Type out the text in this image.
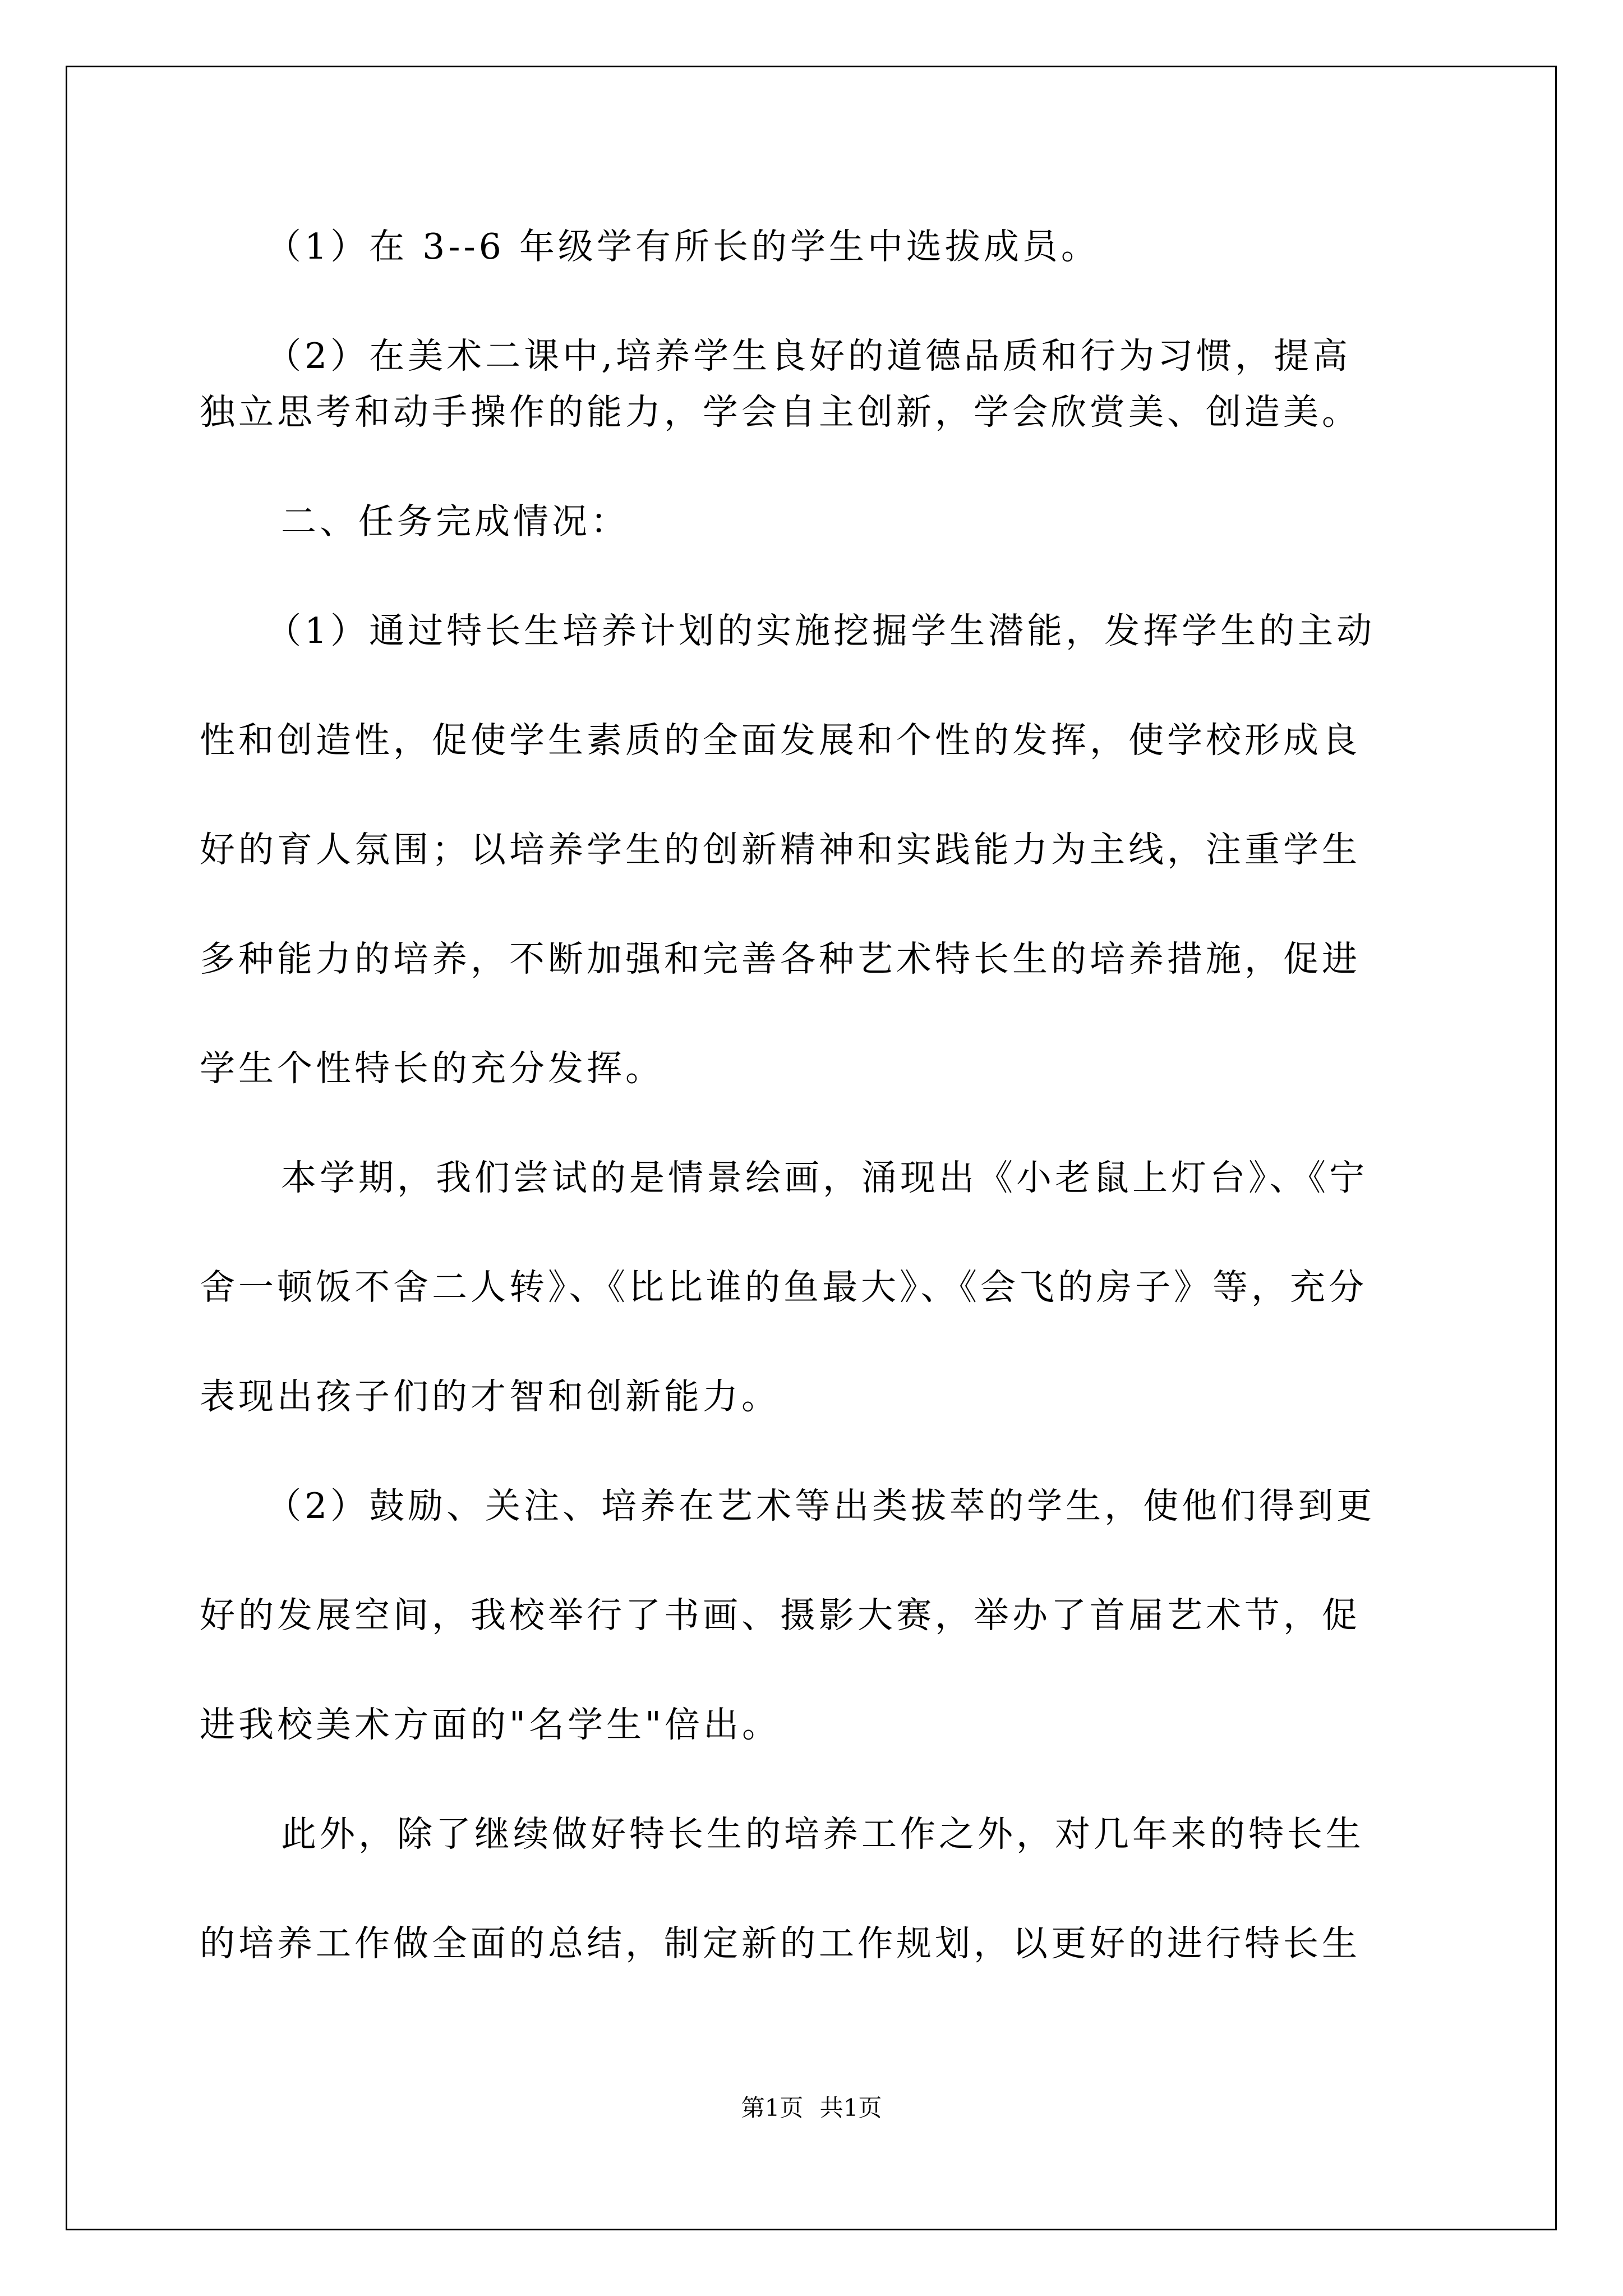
（1）在 3--6 年级学有所长的学生中选拔成员。

（2）在美术二课中,培养学生良好的道德品质和行为习惯，提高

独立思考和动手操作的能力，学会自主创新，学会欣赏美、创造美。

二、任务完成情况：

（1）通过特长生培养计划的实施挖掘学生潜能，发挥学生的主动

性和创造性，促使学生素质的全面发展和个性的发挥，使学校形成良

好的育人氛围；以培养学生的创新精神和实践能力为主线，注重学生

多种能力的培养，不断加强和完善各种艺术特长生的培养措施，促进

学生个性特长的充分发挥。

本学期，我们尝试的是情景绘画，涌现出《小老鼠上灯台》、《宁

舍一顿饭不舍二人转》、《比比谁的鱼最大》、《会飞的房子》等，充分

表现出孩子们的才智和创新能力。

（2）鼓励、关注、培养在艺术等出类拔萃的学生，使他们得到更

好的发展空间，我校举行了书画、摄影大赛，举办了首届艺术节，促

进我校美术方面的"名学生"倍出。

此外，除了继续做好特长生的培养工作之外，对几年来的特长生

的培养工作做全面的总结，制定新的工作规划，以更好的进行特长生

第1页 共1页
